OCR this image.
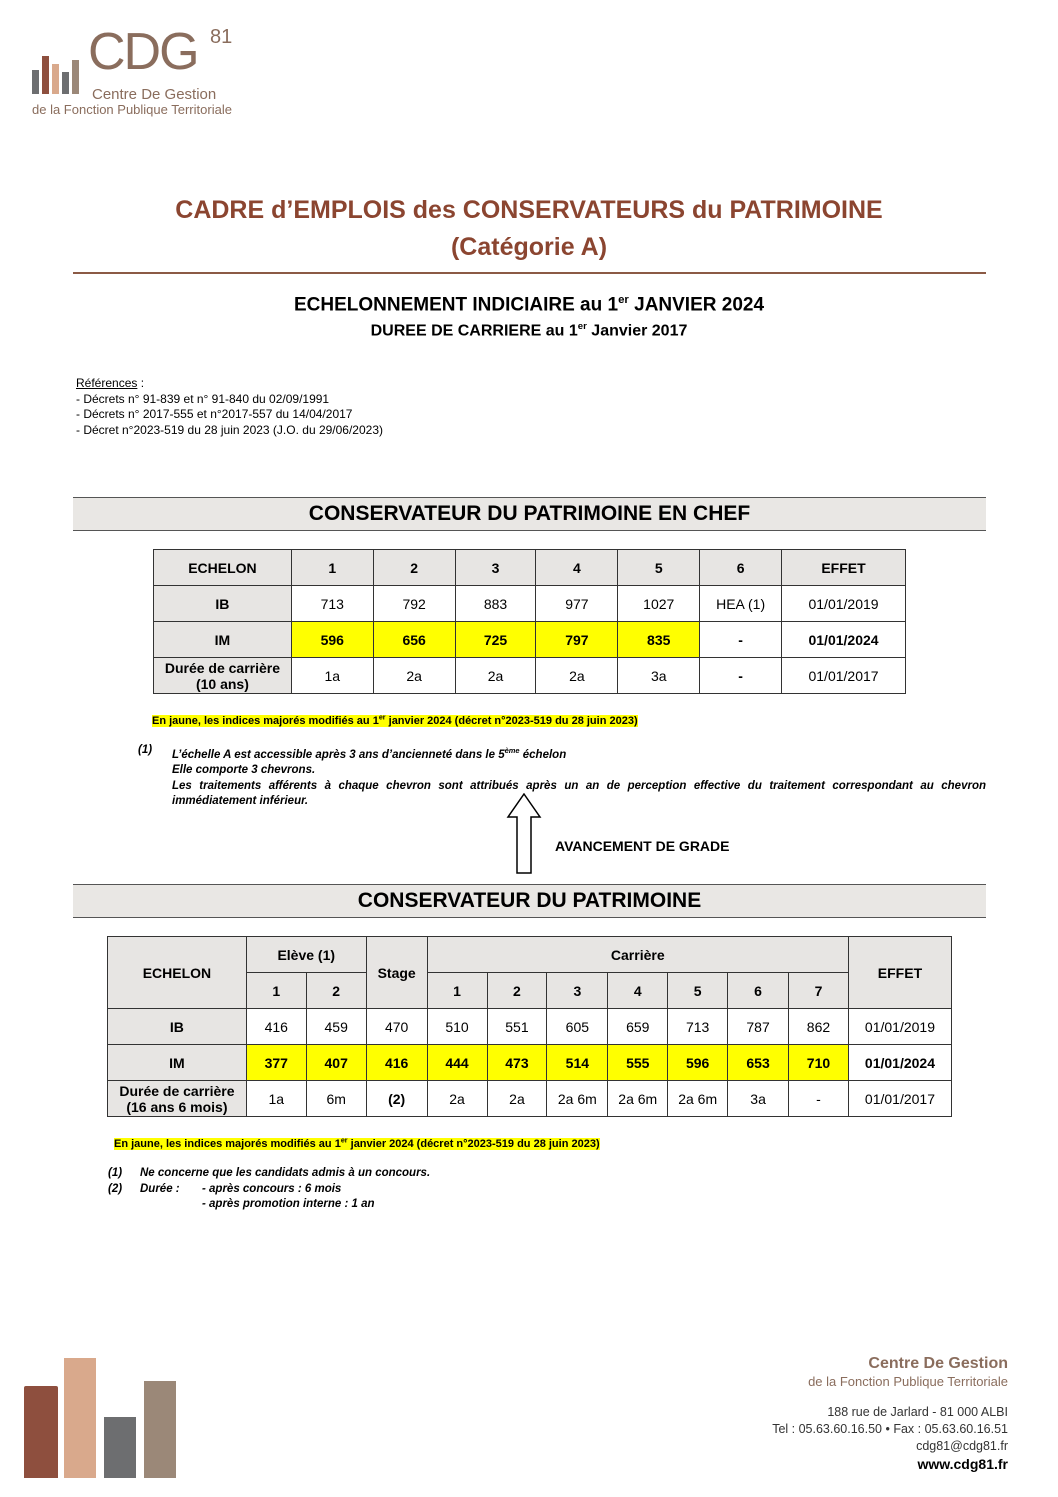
CDG 81
Centre De Gestion
de la Fonction Publique Territoriale
CADRE d’EMPLOIS des CONSERVATEURS du PATRIMOINE
(Catégorie A)
ECHELONNEMENT INDICIAIRE au 1er JANVIER 2024
DUREE DE CARRIERE au 1er Janvier 2017
Références :
- Décrets n° 91-839 et n° 91-840 du 02/09/1991
- Décrets n° 2017-555 et n°2017-557 du 14/04/2017
- Décret n°2023-519 du 28 juin 2023 (J.O. du 29/06/2023)
CONSERVATEUR DU PATRIMOINE EN CHEF
ECHELON	1	2	3	4	5	6	EFFET
IB	713	792	883	977	1027	HEA (1)	01/01/2019
IM	596	656	725	797	835	-	01/01/2024
Durée de carrière
(10 ans)	1a	2a	2a	2a	3a	-	01/01/2017
En jaune, les indices majorés modifiés au 1er janvier 2024 (décret n°2023-519 du 28 juin 2023)
(1) L’échelle A est accessible après 3 ans d’ancienneté dans le 5ème échelon
Elle comporte 3 chevrons.
Les traitements afférents à chaque chevron sont attribués après un an de perception effective du traitement correspondant au chevron immédiatement inférieur.
AVANCEMENT DE GRADE
CONSERVATEUR DU PATRIMOINE
ECHELON	Elève (1)		Stage	Carrière							EFFET
	1	2		1	2	3	4	5	6	7	
IB	416	459	470	510	551	605	659	713	787	862	01/01/2019
IM	377	407	416	444	473	514	555	596	653	710	01/01/2024
Durée de carrière
(16 ans 6 mois)	1a	6m	(2)	2a	2a	2a 6m	2a 6m	2a 6m	3a	-	01/01/2017
En jaune, les indices majorés modifiés au 1er janvier 2024 (décret n°2023-519 du 28 juin 2023)
(1) Ne concerne que les candidats admis à un concours.
(2) Durée : - après concours : 6 mois
- après promotion interne : 1 an
Centre De Gestion
de la Fonction Publique Territoriale
188 rue de Jarlard - 81 000 ALBI
Tel : 05.63.60.16.50 • Fax : 05.63.60.16.51
cdg81@cdg81.fr
www.cdg81.fr
